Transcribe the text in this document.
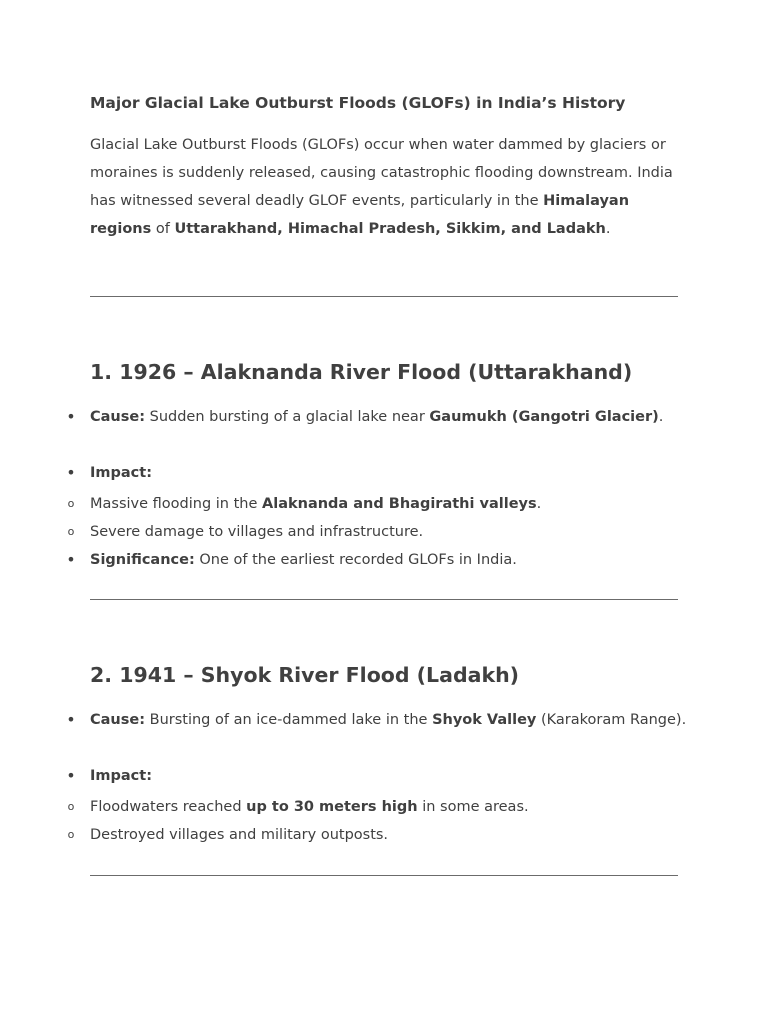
Major Glacial Lake Outburst Floods (GLOFs) in India’s History

Glacial Lake Outburst Floods (GLOFs) occur when water dammed by glaciers or moraines is suddenly released, causing catastrophic flooding downstream. India has witnessed several deadly GLOF events, particularly in the Himalayan regions of Uttarakhand, Himachal Pradesh, Sikkim, and Ladakh.

1. 1926 – Alaknanda River Flood (Uttarakhand)
• Cause: Sudden bursting of a glacial lake near Gaumukh (Gangotri Glacier).
• Impact:
o Massive flooding in the Alaknanda and Bhagirathi valleys.
o Severe damage to villages and infrastructure.
• Significance: One of the earliest recorded GLOFs in India.
2. 1941 – Shyok River Flood (Ladakh)
• Cause: Bursting of an ice-dammed lake in the Shyok Valley (Karakoram Range).
• Impact:
o Floodwaters reached up to 30 meters high in some areas.
o Destroyed villages and military outposts.
